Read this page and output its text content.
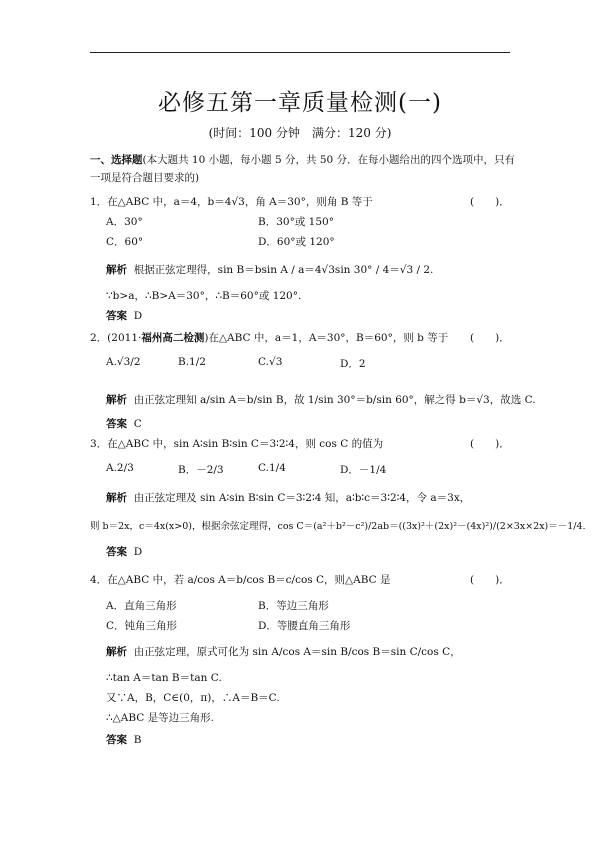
必修五第一章质量检测(一)
(时间：100 分钟　满分：120 分)
一、选择题(本大题共 10 小题，每小题 5 分，共 50 分．在每小题给出的四个选项中，只有
一项是符合题目要求的)
1．在△ABC 中，a＝4，b＝4√3，角 A＝30°，则角 B 等于	(　　)．
A．30°	B．30°或 150°
C．60°	D．60°或 120°
解析 根据正弦定理得，sin B＝bsin A / a＝4√3sin 30° / 4＝√3 / 2.
∵b>a，∴B>A＝30°，∴B＝60°或 120°.
答案 D
2．(2011·福州高二检测)在△ABC 中，a＝1，A＝30°，B＝60°，则 b 等于 (　　)．
A.√3/2	B.1/2	C.√3	D．2
解析 由正弦定理知 a/sin A＝b/sin B，故 1/sin 30°＝b/sin 60°，解之得 b＝√3，故选 C.
答案 C
3．在△ABC 中，sin A∶sin B∶sin C＝3∶2∶4，则 cos C 的值为	(　　)．
A.2/3	B．－2/3	C.1/4	D．－1/4
解析 由正弦定理及 sin A∶sin B∶sin C＝3∶2∶4 知，a∶b∶c＝3∶2∶4，令 a＝3x，
则 b＝2x，c＝4x(x>0)，根据余弦定理得，cos C＝(a²＋b²－c²)/2ab＝((3x)²＋(2x)²－(4x)²)/(2×3x×2x)＝－1/4.
答案 D
4．在△ABC 中，若 a/cos A＝b/cos B＝c/cos C，则△ABC 是	(　　)．
A．直角三角形	B．等边三角形
C．钝角三角形	D．等腰直角三角形
解析 由正弦定理，原式可化为 sin A/cos A＝sin B/cos B＝sin C/cos C，
∴tan A＝tan B＝tan C.
又∵A，B，C∈(0，π)，∴A＝B＝C.
∴△ABC 是等边三角形.
答案 B
